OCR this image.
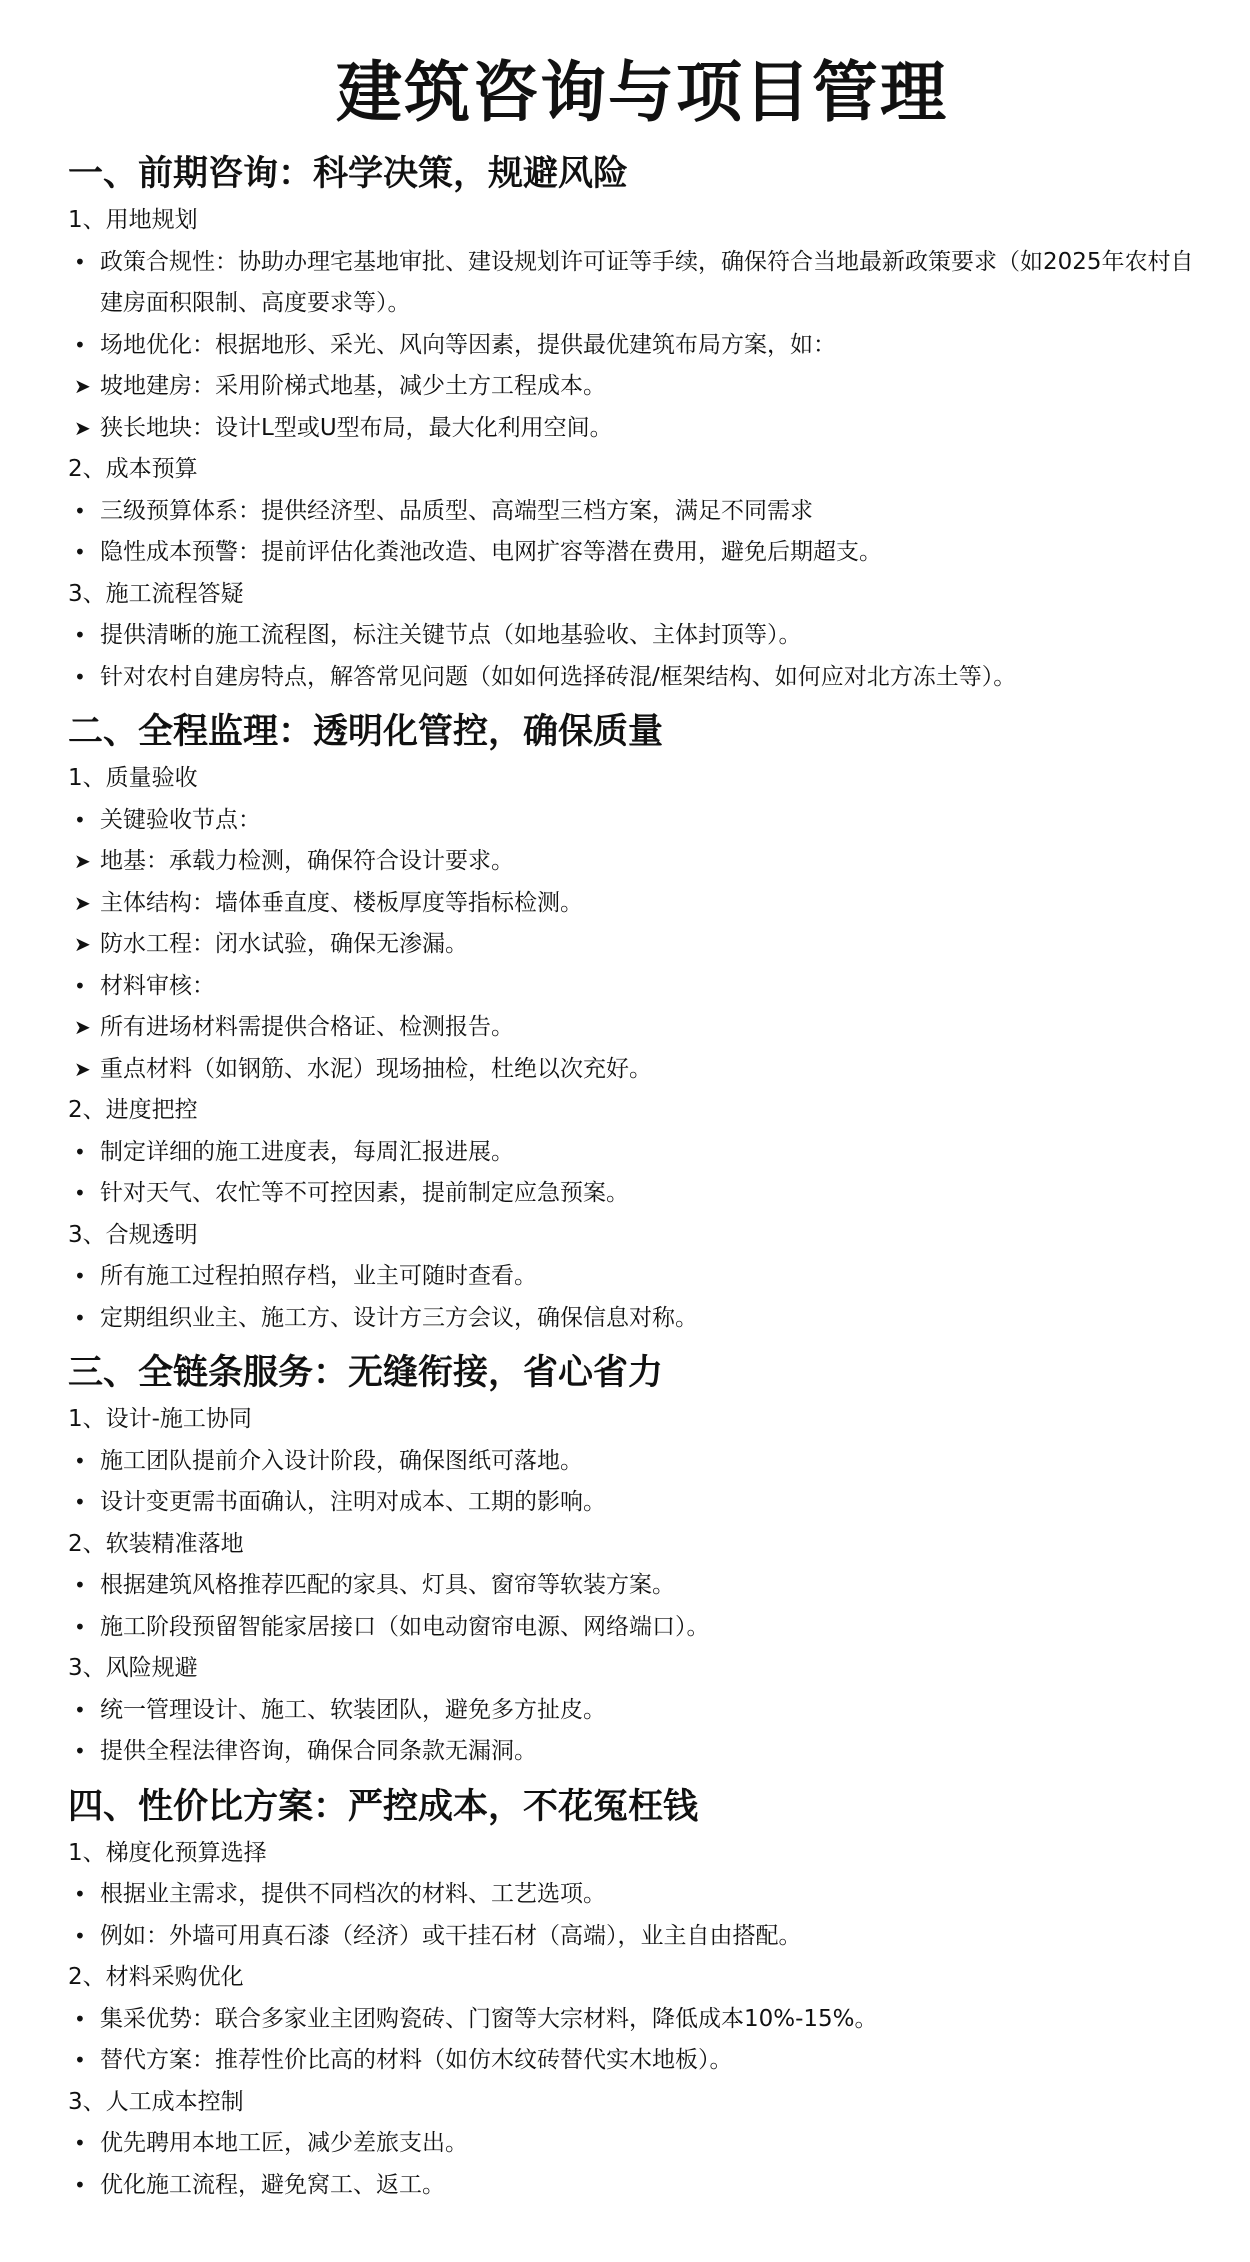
建筑咨询与项目管理
一、前期咨询：科学决策，规避风险
1、用地规划
• 政策合规性：协助办理宅基地审批、建设规划许可证等手续，确保符合当地最新政策要求（如2025年农村自建房面积限制、高度要求等）。
• 场地优化：根据地形、采光、风向等因素，提供最优建筑布局方案，如：
➤ 坡地建房：采用阶梯式地基，减少土方工程成本。
➤ 狭长地块：设计L型或U型布局，最大化利用空间。
2、成本预算
• 三级预算体系：提供经济型、品质型、高端型三档方案，满足不同需求
• 隐性成本预警：提前评估化粪池改造、电网扩容等潜在费用，避免后期超支。
3、施工流程答疑
• 提供清晰的施工流程图，标注关键节点（如地基验收、主体封顶等）。
• 针对农村自建房特点，解答常见问题（如如何选择砖混/框架结构、如何应对北方冻土等）。
二、全程监理：透明化管控，确保质量
1、质量验收
• 关键验收节点：
➤ 地基：承载力检测，确保符合设计要求。
➤ 主体结构：墙体垂直度、楼板厚度等指标检测。
➤ 防水工程：闭水试验，确保无渗漏。
• 材料审核：
➤ 所有进场材料需提供合格证、检测报告。
➤ 重点材料（如钢筋、水泥）现场抽检，杜绝以次充好。
2、进度把控
• 制定详细的施工进度表，每周汇报进展。
• 针对天气、农忙等不可控因素，提前制定应急预案。
3、合规透明
• 所有施工过程拍照存档，业主可随时查看。
• 定期组织业主、施工方、设计方三方会议，确保信息对称。
三、全链条服务：无缝衔接，省心省力
1、设计-施工协同
• 施工团队提前介入设计阶段，确保图纸可落地。
• 设计变更需书面确认，注明对成本、工期的影响。
2、软装精准落地
• 根据建筑风格推荐匹配的家具、灯具、窗帘等软装方案。
• 施工阶段预留智能家居接口（如电动窗帘电源、网络端口）。
3、风险规避
• 统一管理设计、施工、软装团队，避免多方扯皮。
• 提供全程法律咨询，确保合同条款无漏洞。
四、性价比方案：严控成本，不花冤枉钱
1、梯度化预算选择
• 根据业主需求，提供不同档次的材料、工艺选项。
• 例如：外墙可用真石漆（经济）或干挂石材（高端），业主自由搭配。
2、材料采购优化
• 集采优势：联合多家业主团购瓷砖、门窗等大宗材料，降低成本10%-15%。
• 替代方案：推荐性价比高的材料（如仿木纹砖替代实木地板）。
3、人工成本控制
• 优先聘用本地工匠，减少差旅支出。
• 优化施工流程，避免窝工、返工。
